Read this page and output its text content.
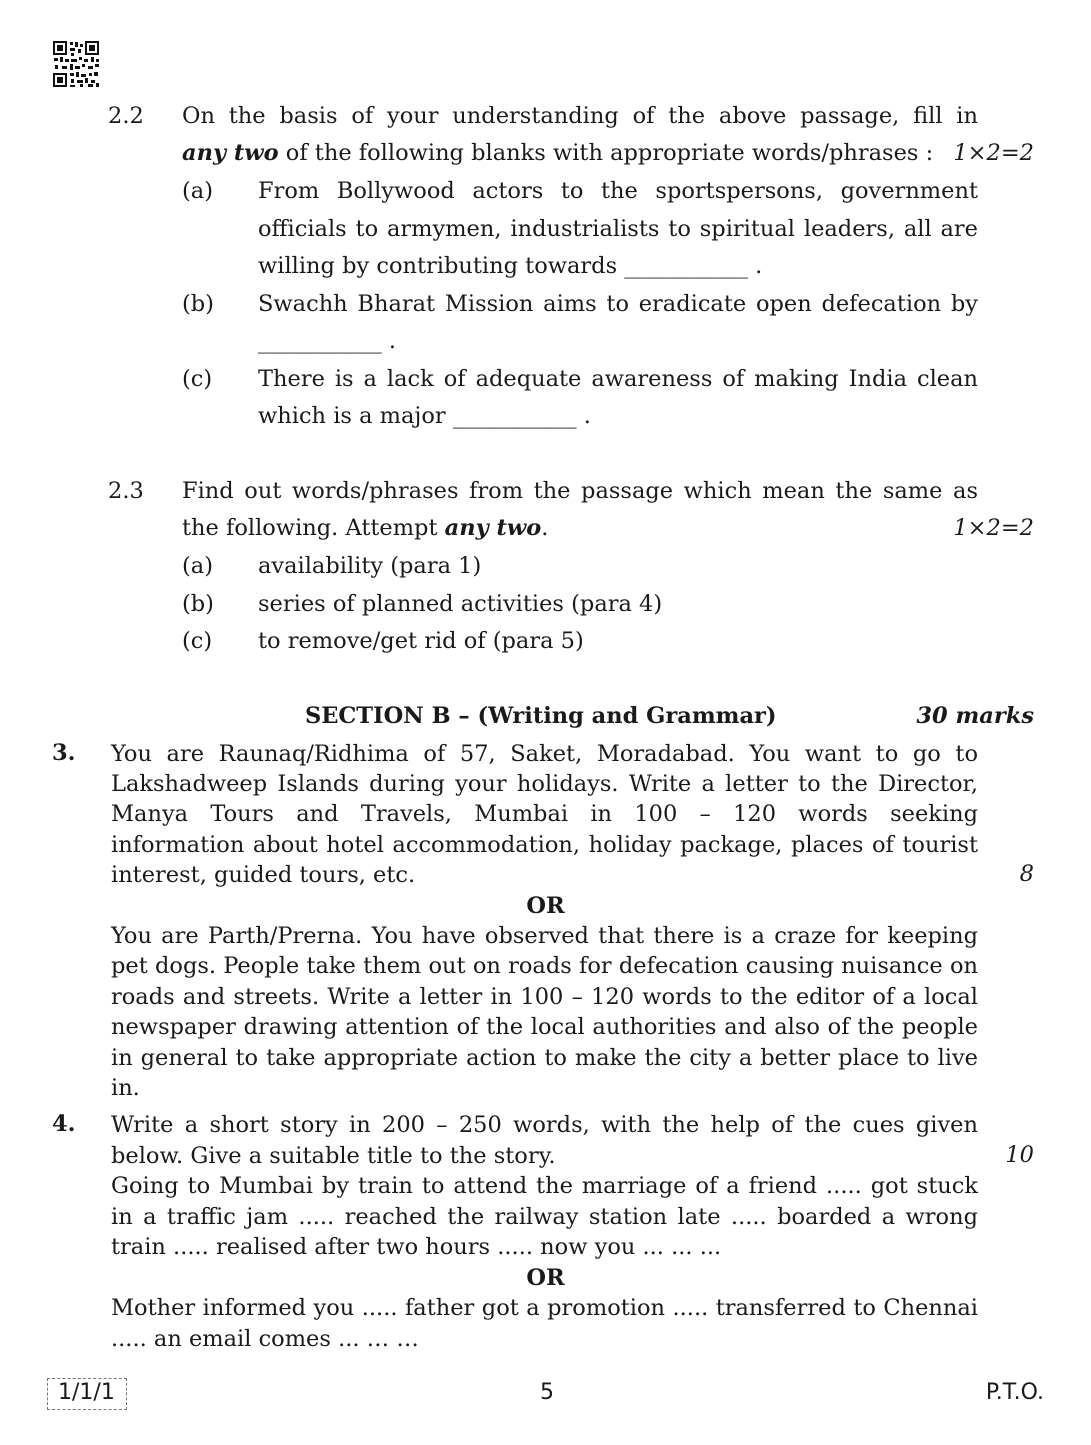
2.2 On the basis of your understanding of the above passage, fill in
any two of the following blanks with appropriate words/phrases : 1×2=2
(a) From Bollywood actors to the sportspersons, government
officials to armymen, industrialists to spiritual leaders, all are
willing by contributing towards ___________ .
(b) Swachh Bharat Mission aims to eradicate open defecation by
___________ .
(c) There is a lack of adequate awareness of making India clean
which is a major ___________ .
2.3 Find out words/phrases from the passage which mean the same as
the following. Attempt any two.	1×2=2
(a) availability (para 1)
(b) series of planned activities (para 4)
(c) to remove/get rid of (para 5)
SECTION B – (Writing and Grammar)	30 marks
3. You are Raunaq/Ridhima of 57, Saket, Moradabad. You want to go to
Lakshadweep Islands during your holidays. Write a letter to the Director,
Manya Tours and Travels, Mumbai in 100 – 120 words seeking
information about hotel accommodation, holiday package, places of tourist
interest, guided tours, etc.	8
OR
You are Parth/Prerna. You have observed that there is a craze for keeping
pet dogs. People take them out on roads for defecation causing nuisance on
roads and streets. Write a letter in 100 – 120 words to the editor of a local
newspaper drawing attention of the local authorities and also of the people
in general to take appropriate action to make the city a better place to live
in.
4. Write a short story in 200 – 250 words, with the help of the cues given
below. Give a suitable title to the story.	10
Going to Mumbai by train to attend the marriage of a friend ..... got stuck
in a traffic jam ..... reached the railway station late ..... boarded a wrong
train ..... realised after two hours ..... now you ... ... ...
OR
Mother informed you ..... father got a promotion ..... transferred to Chennai
..... an email comes ... … …
1/1/1	5	P.T.O.
